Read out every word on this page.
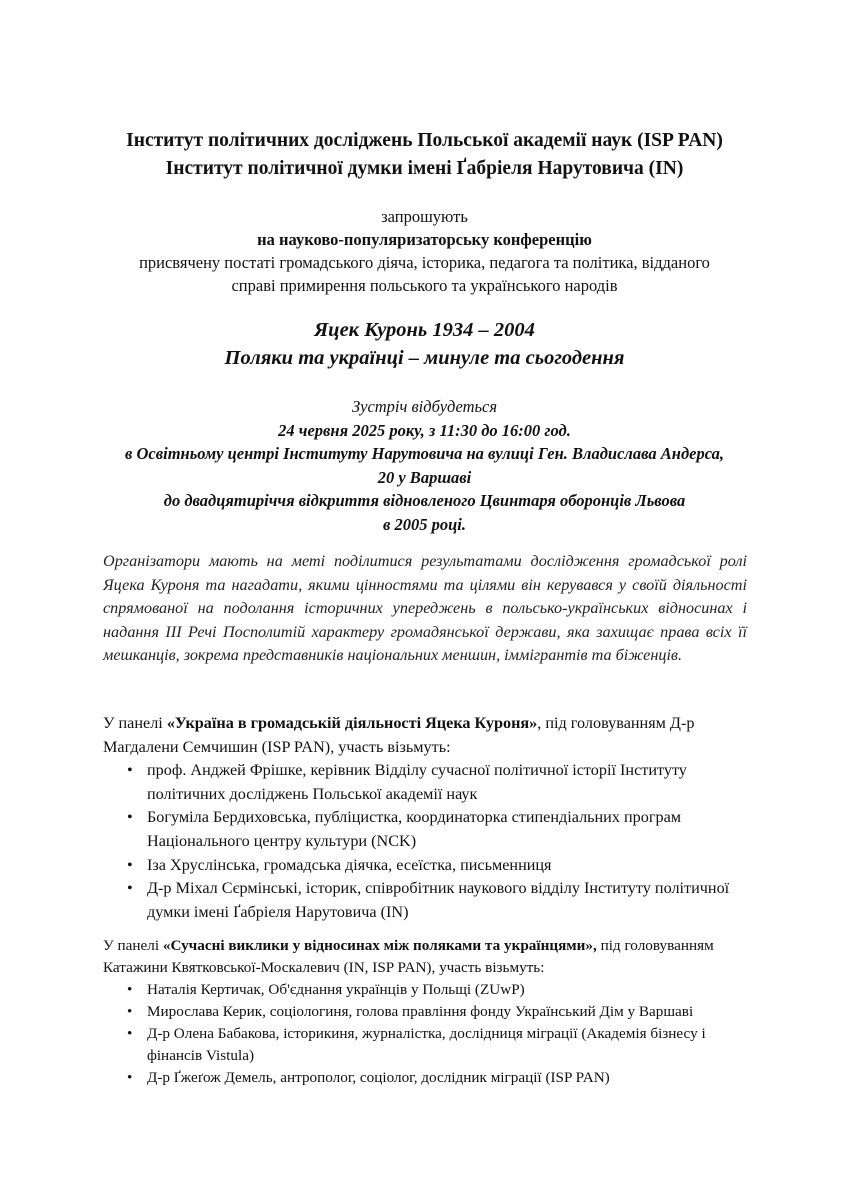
Інститут політичних досліджень Польської академії наук (ISP PAN)
Інститут політичної думки імені Ґабріеля Нарутовича (IN)
запрошують
на науково-популяризаторську конференцію
присвячену постаті громадського діяча, історика, педагога та політика, відданого
справі примирення польського та українського народів
Яцек Куронь 1934 – 2004
Поляки та українці – минуле та сьогодення
Зустріч відбудеться
24 червня 2025 року, з 11:30 до 16:00 год.
в Освітньому центрі Інституту Нарутовича на вулиці Ген. Владислава Андерса,
20 у Варшаві
до двадцятиріччя відкриття відновленого Цвинтаря оборонців Львова
в 2005 році.
Організатори мають на меті поділитися результатами дослідження громадської ролі Яцека Куроня та нагадати, якими цінностями та цілями він керувався у своїй діяльності спрямованої на подолання історичних упереджень в польсько-українських відносинах і надання ІІІ Речі Посполитій характеру громадянської держави, яка захищає права всіх її мешканців, зокрема представників національних меншин, іммігрантів та біженців.
У панелі «Україна в громадській діяльності Яцека Куроня», під головуванням Д-р Магдалени Семчишин (ISP PAN), участь візьмуть:
• проф. Анджей Фрішке, керівник Відділу сучасної політичної історії Інституту політичних досліджень Польської академії наук
• Богуміла Бердиховська, публіцистка, координаторка стипендіальних програм Національного центру культури (NCK)
• Іза Хруслінська, громадська діячка, есеїстка, письменниця
• Д-р Міхал Сєрмінські, історик, співробітник наукового відділу Інституту політичної думки імені Ґабріеля Нарутовича (IN)
У панелі «Сучасні виклики у відносинах між поляками та українцями», під головуванням Катажини Квятковської-Москалевич (IN, ISP PAN), участь візьмуть:
• Наталія Кертичак, Об'єднання українців у Польщі (ZUwP)
• Мирослава Керик, соціологиня, голова правління фонду Український Дім у Варшаві
• Д-р Олена Бабакова, історикиня, журналістка, дослідниця міграції (Академія бізнесу і фінансів Vistula)
• Д-р Ґжеґож Демель, антрополог, соціолог, дослідник міграції (ISP PAN)
